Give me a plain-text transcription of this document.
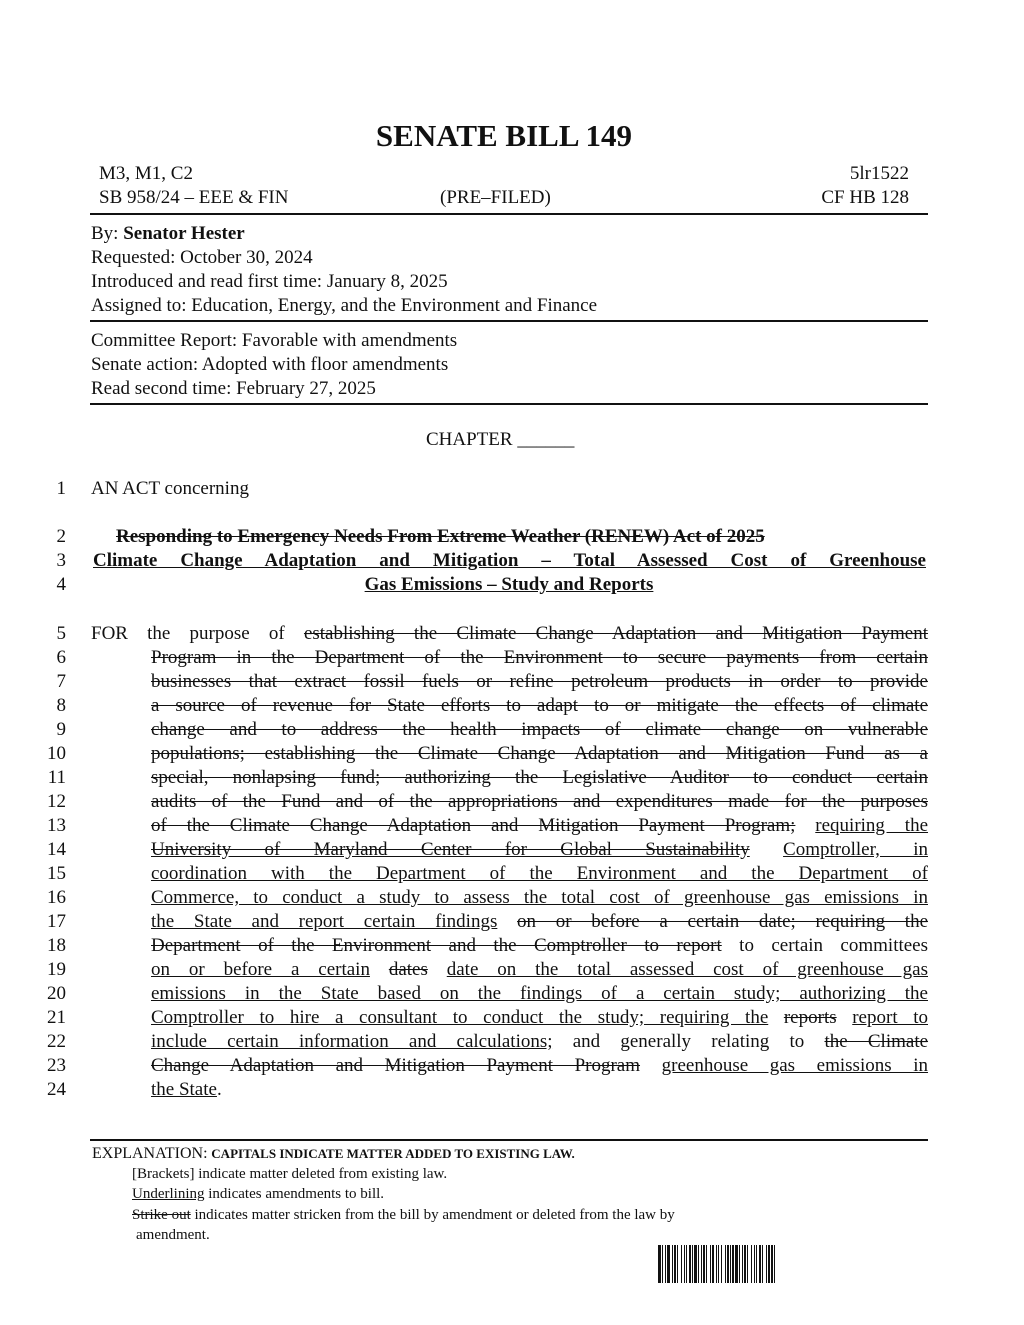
SENATE BILL 149
M3, M1, C2	5lr1522
SB 958/24 – EEE & FIN	(PRE–FILED)	CF HB 128
By: Senator Hester
Requested: October 30, 2024
Introduced and read first time: January 8, 2025
Assigned to: Education, Energy, and the Environment and Finance
Committee Report: Favorable with amendments
Senate action: Adopted with floor amendments
Read second time: February 27, 2025
CHAPTER ______
1
2
3
4
5
6
7
8
9
10
11
12
13
14
15
16
17
18
19
20
21
22
23
24
AN ACT concerning
Responding to Emergency Needs From Extreme Weather (RENEW) Act of 2025
Climate Change Adaptation and Mitigation – Total Assessed Cost of Greenhouse
Gas Emissions – Study and Reports
FOR the purpose of establishing the Climate Change Adaptation and Mitigation Payment
Program in the Department of the Environment to secure payments from certain
businesses that extract fossil fuels or refine petroleum products in order to provide
a source of revenue for State efforts to adapt to or mitigate the effects of climate
change and to address the health impacts of climate change on vulnerable
populations; establishing the Climate Change Adaptation and Mitigation Fund as a
special, nonlapsing fund; authorizing the Legislative Auditor to conduct certain
audits of the Fund and of the appropriations and expenditures made for the purposes
of the Climate Change Adaptation and Mitigation Payment Program; requiring the
University of Maryland Center for Global Sustainability Comptroller, in
coordination with the Department of the Environment and the Department of
Commerce, to conduct a study to assess the total cost of greenhouse gas emissions in
the State and report certain findings on or before a certain date; requiring the
Department of the Environment and the Comptroller to report to certain committees
on or before a certain dates date on the total assessed cost of greenhouse gas
emissions in the State based on the findings of a certain study; authorizing the
Comptroller to hire a consultant to conduct the study; requiring the reports report to
include certain information and calculations; and generally relating to the Climate
Change Adaptation and Mitigation Payment Program greenhouse gas emissions in
the State.
EXPLANATION: CAPITALS INDICATE MATTER ADDED TO EXISTING LAW.
[Brackets] indicate matter deleted from existing law.
Underlining indicates amendments to bill.
Strike out indicates matter stricken from the bill by amendment or deleted from the law by
amendment.
